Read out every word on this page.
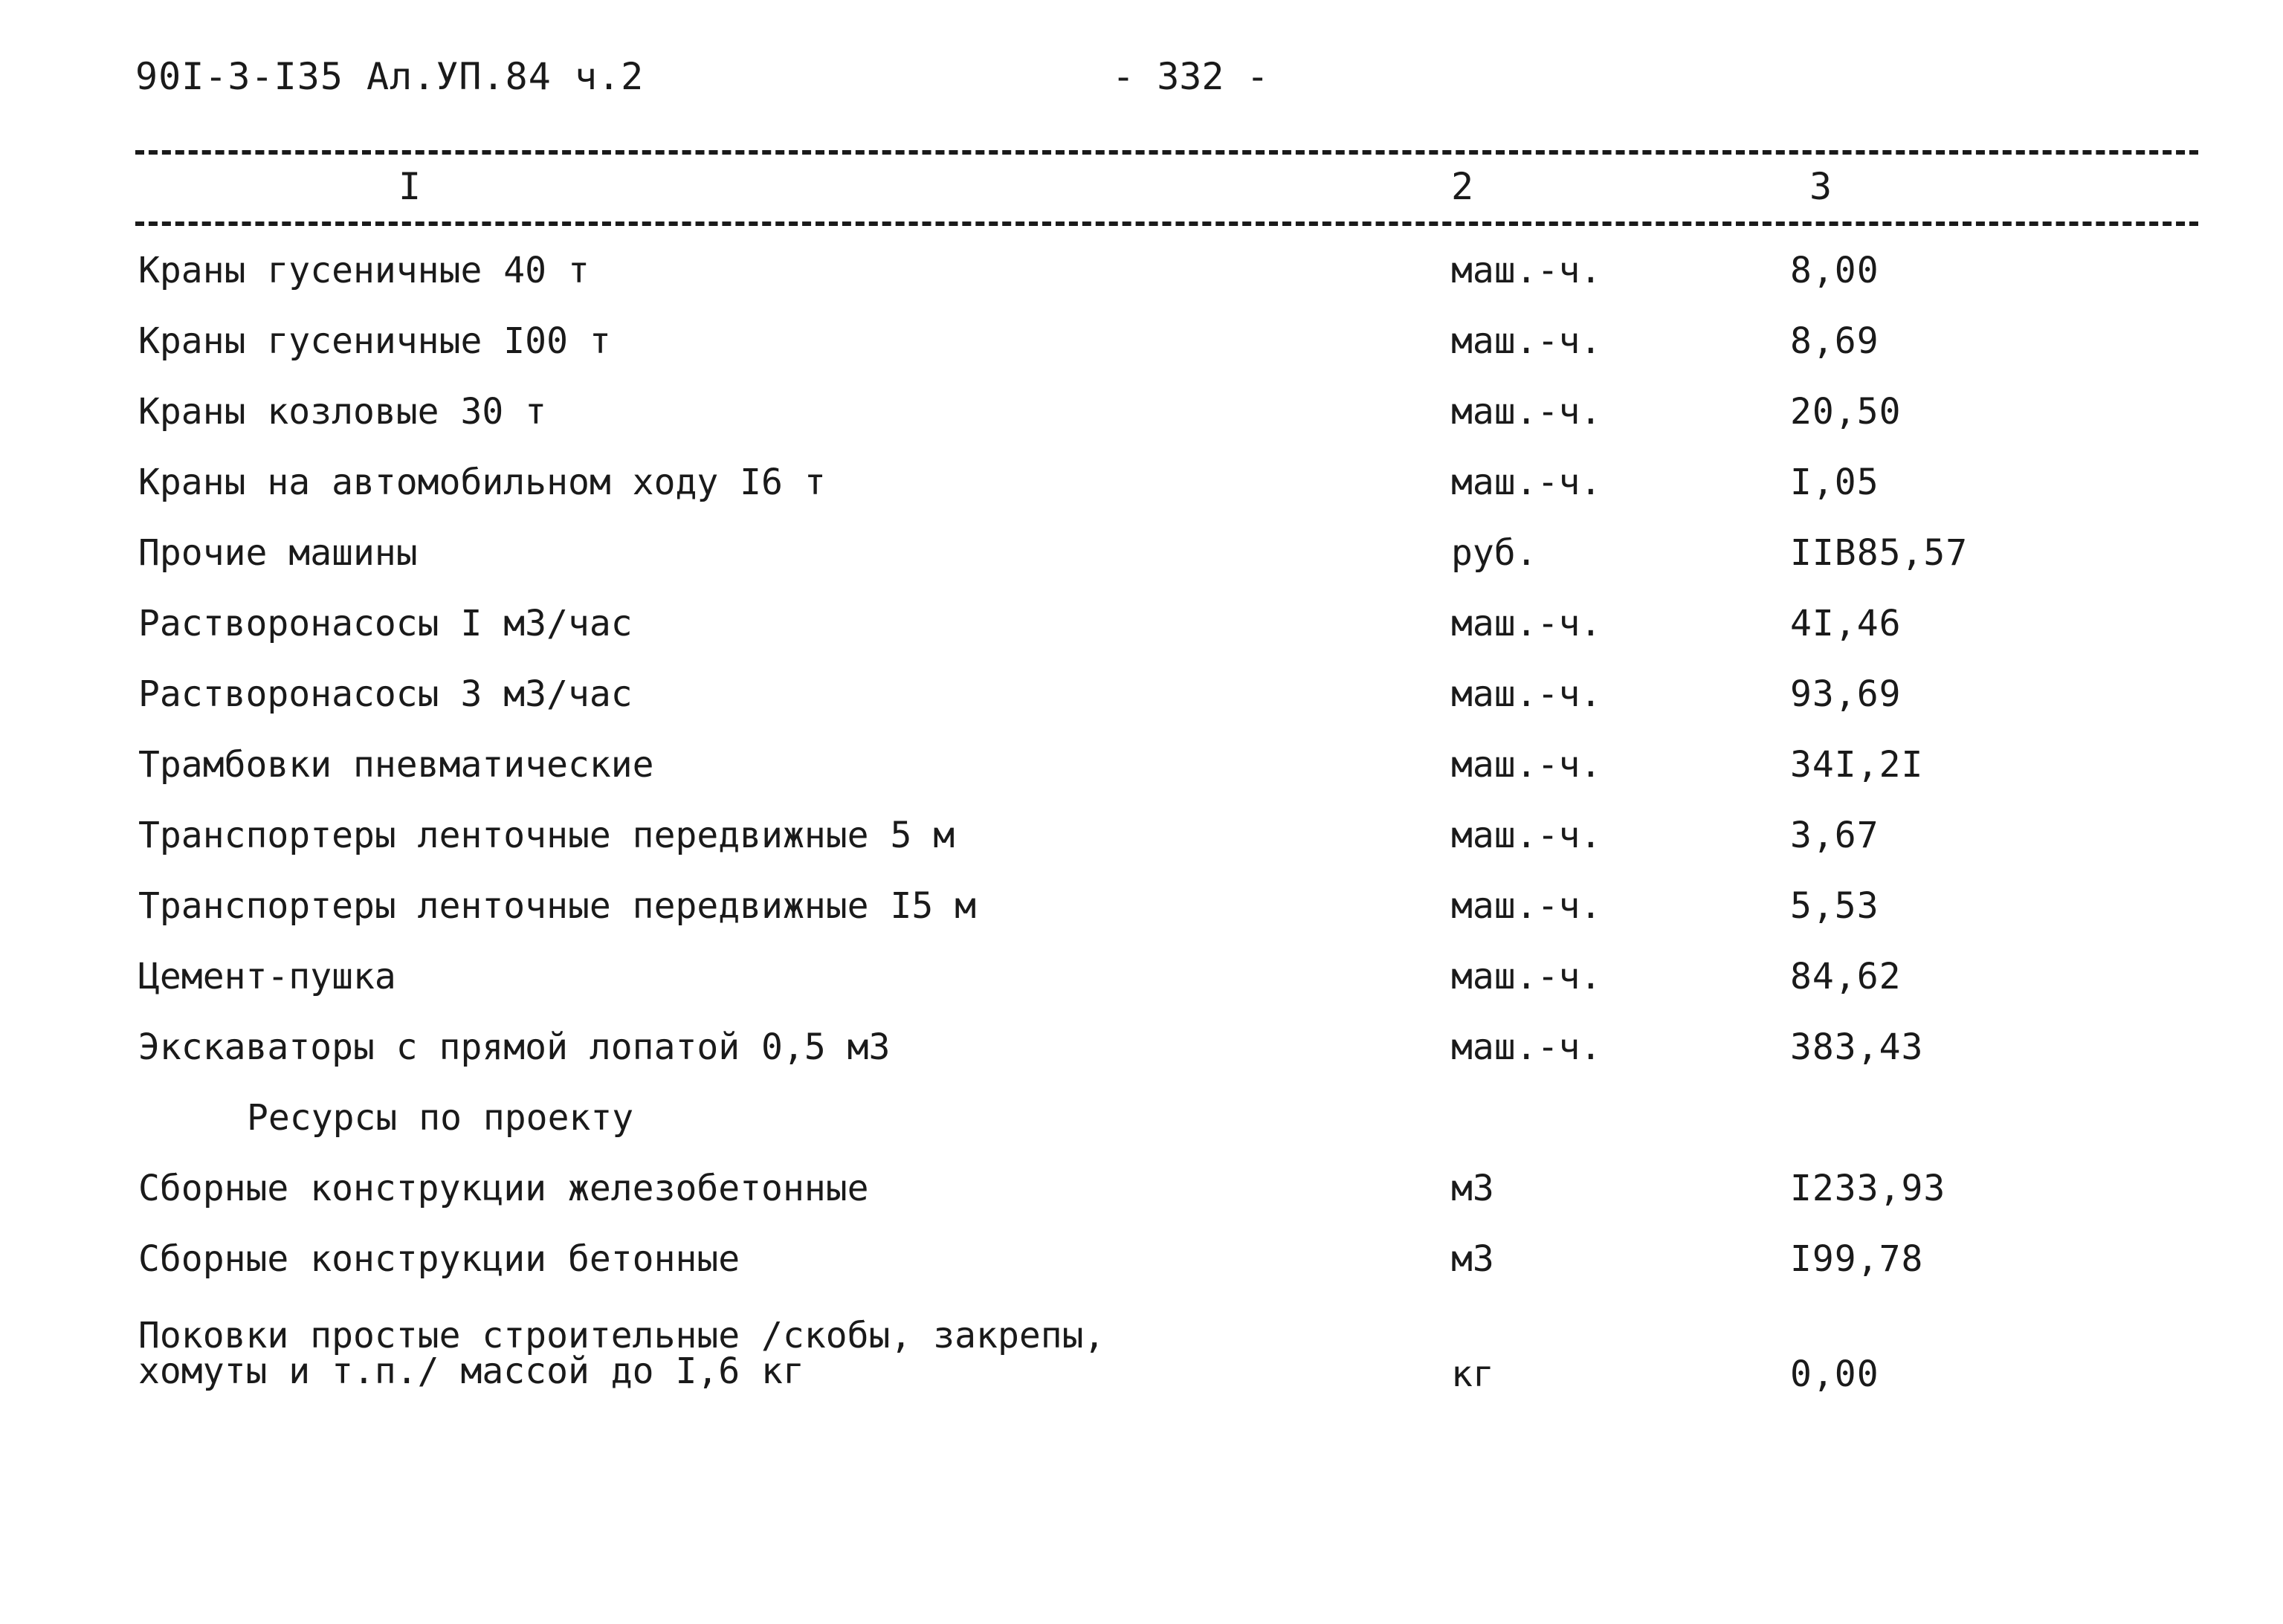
90I-3-I35 Ал.УП.84 ч.2	- 332 -
I	2	3
Краны гусеничные 40 т	маш.-ч.	8,00
Краны гусеничные I00 т	маш.-ч.	8,69
Краны козловые 30 т	маш.-ч.	20,50
Краны на автомобильном ходу I6 т	маш.-ч.	I,05
Прочие машины	руб.	IIB85,57
Растворонасосы I м3/час	маш.-ч.	4I,46
Растворонасосы 3 м3/час	маш.-ч.	93,69
Трамбовки пневматические	маш.-ч.	34I,2I
Транспортеры ленточные передвижные 5 м	маш.-ч.	3,67
Транспортеры ленточные передвижные I5 м	маш.-ч.	5,53
Цемент-пушка	маш.-ч.	84,62
Экскаваторы с прямой лопатой 0,5 м3	маш.-ч.	383,43
Ресурсы по проекту
Сборные конструкции железобетонные	м3	I233,93
Сборные конструкции бетонные	м3	I99,78
Поковки простые строительные /скобы, закрепы,
хомуты и т.п./ массой до I,6 кг	кг	0,00
